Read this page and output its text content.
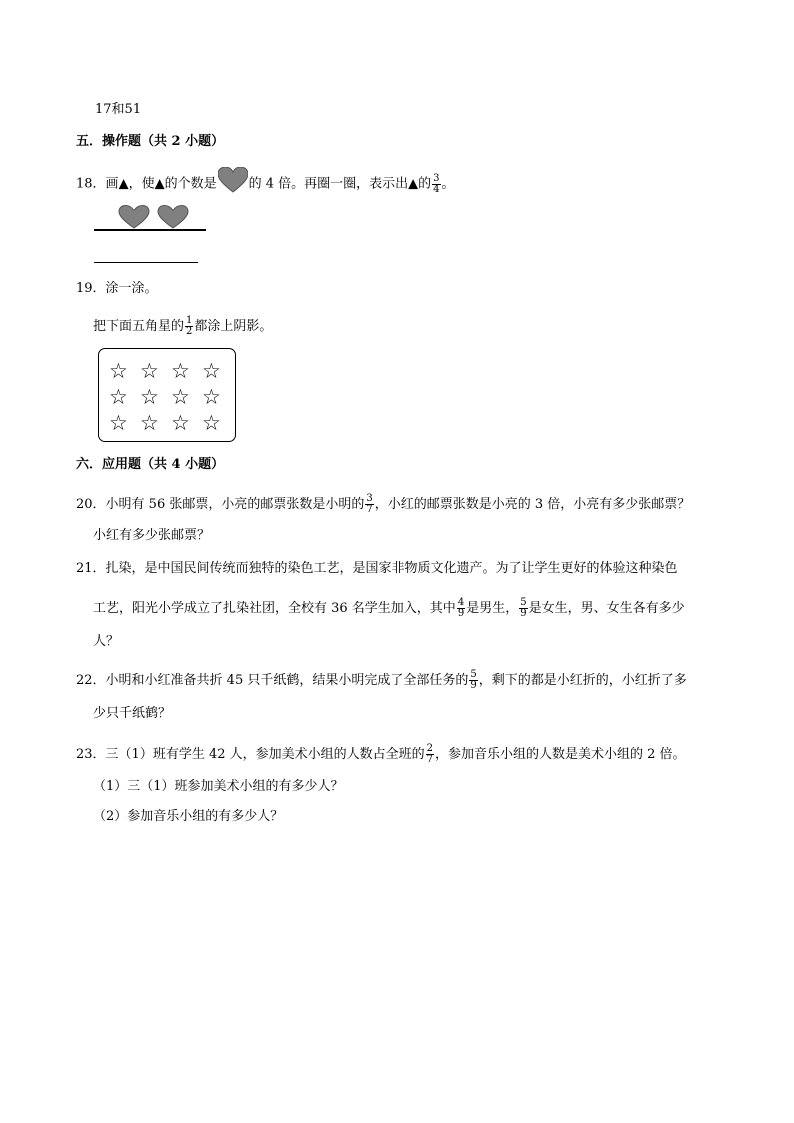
17和51
五．操作题（共 2 小题）
18．画▲，使▲的个数是 的 4 倍。再圈一圈，表示出▲的 $\frac{3}{4}$ 。
19．涂一涂。
把下面五角星的 $\frac{1}{2}$ 都涂上阴影。
☆ ☆ ☆ ☆
☆ ☆ ☆ ☆
☆ ☆ ☆ ☆
六．应用题（共 4 小题）
20．小明有 56 张邮票，小亮的邮票张数是小明的 $\frac{3}{7}$ ，小红的邮票张数是小亮的 3 倍，小亮有多少张邮票？
小红有多少张邮票？
21．扎染，是中国民间传统而独特的染色工艺，是国家非物质文化遗产。为了让学生更好的体验这种染色
工艺，阳光小学成立了扎染社团，全校有 36 名学生加入，其中 $\frac{4}{9}$ 是男生， $\frac{5}{9}$ 是女生，男、女生各有多少
人？
22．小明和小红准备共折 45 只千纸鹤，结果小明完成了全部任务的 $\frac{5}{9}$ ，剩下的都是小红折的，小红折了多
少只千纸鹤？
23．三（1）班有学生 42 人，参加美术小组的人数占全班的 $\frac{2}{7}$ ，参加音乐小组的人数是美术小组的 2 倍。
（1）三（1）班参加美术小组的有多少人？
（2）参加音乐小组的有多少人？
